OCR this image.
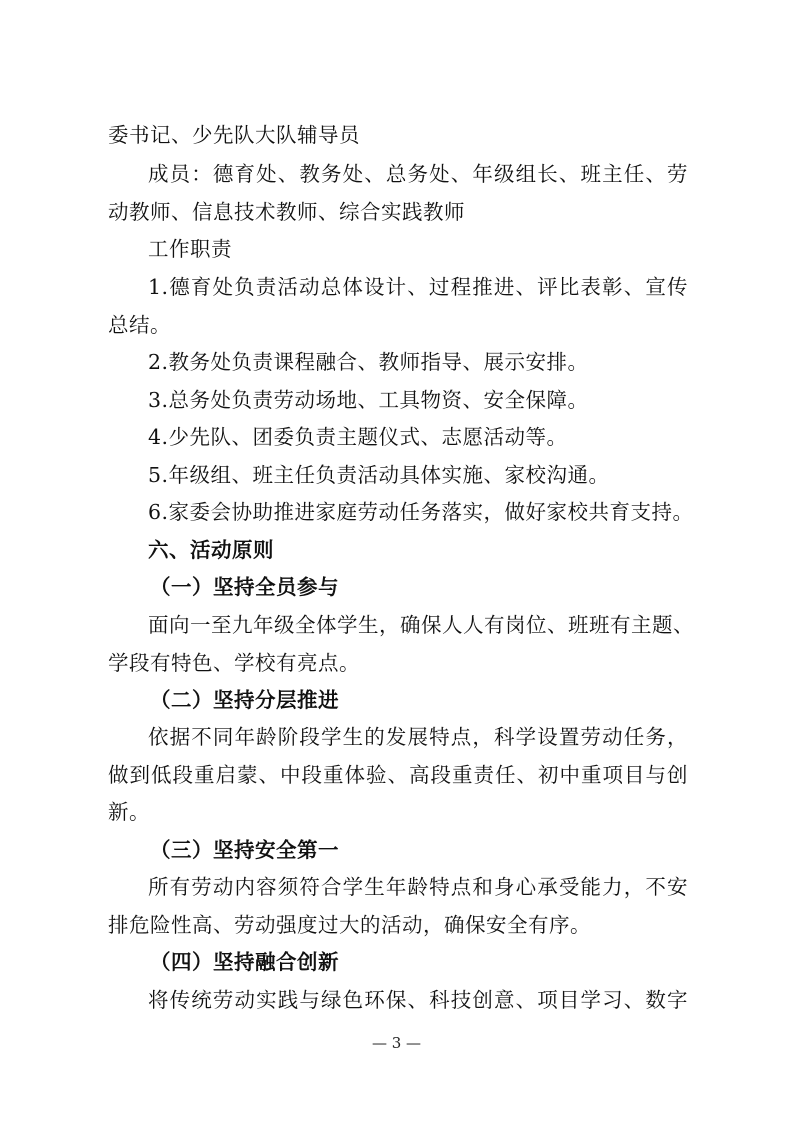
委书记、少先队大队辅导员
成员：德育处、教务处、总务处、年级组长、班主任、劳
动教师、信息技术教师、综合实践教师
工作职责
1.德育处负责活动总体设计、过程推进、评比表彰、宣传
总结。
2.教务处负责课程融合、教师指导、展示安排。
3.总务处负责劳动场地、工具物资、安全保障。
4.少先队、团委负责主题仪式、志愿活动等。
5.年级组、班主任负责活动具体实施、家校沟通。
6.家委会协助推进家庭劳动任务落实，做好家校共育支持。
六、活动原则
（一）坚持全员参与
面向一至九年级全体学生，确保人人有岗位、班班有主题、
学段有特色、学校有亮点。
（二）坚持分层推进
依据不同年龄阶段学生的发展特点，科学设置劳动任务，
做到低段重启蒙、中段重体验、高段重责任、初中重项目与创
新。
（三）坚持安全第一
所有劳动内容须符合学生年龄特点和身心承受能力，不安
排危险性高、劳动强度过大的活动，确保安全有序。
（四）坚持融合创新
将传统劳动实践与绿色环保、科技创意、项目学习、数字
— 3 —
